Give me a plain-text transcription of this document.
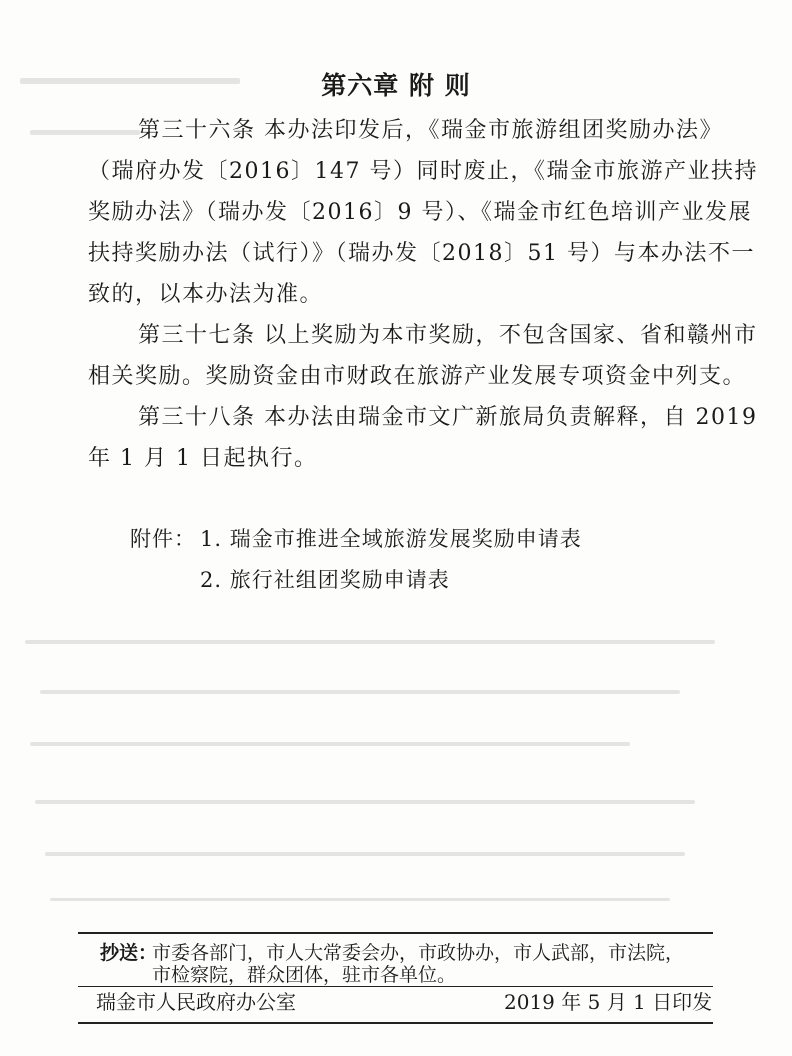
第六章 附 则
第三十六条 本办法印发后，《瑞金市旅游组团奖励办法》
（瑞府办发〔2016〕147 号）同时废止，《瑞金市旅游产业扶持
奖励办法》（瑞办发〔2016〕9 号）、《瑞金市红色培训产业发展
扶持奖励办法（试行）》（瑞办发〔2018〕51 号）与本办法不一
致的，以本办法为准。
第三十七条 以上奖励为本市奖励，不包含国家、省和赣州市
相关奖励。奖励资金由市财政在旅游产业发展专项资金中列支。
第三十八条 本办法由瑞金市文广新旅局负责解释，自 2019
年 1 月 1 日起执行。
附件： 1. 瑞金市推进全域旅游发展奖励申请表
2. 旅行社组团奖励申请表
抄送：
市委各部门，市人大常委会办，市政协办，市人武部，市法院，
市检察院，群众团体，驻市各单位。
瑞金市人民政府办公室	2019 年 5 月 1 日印发
